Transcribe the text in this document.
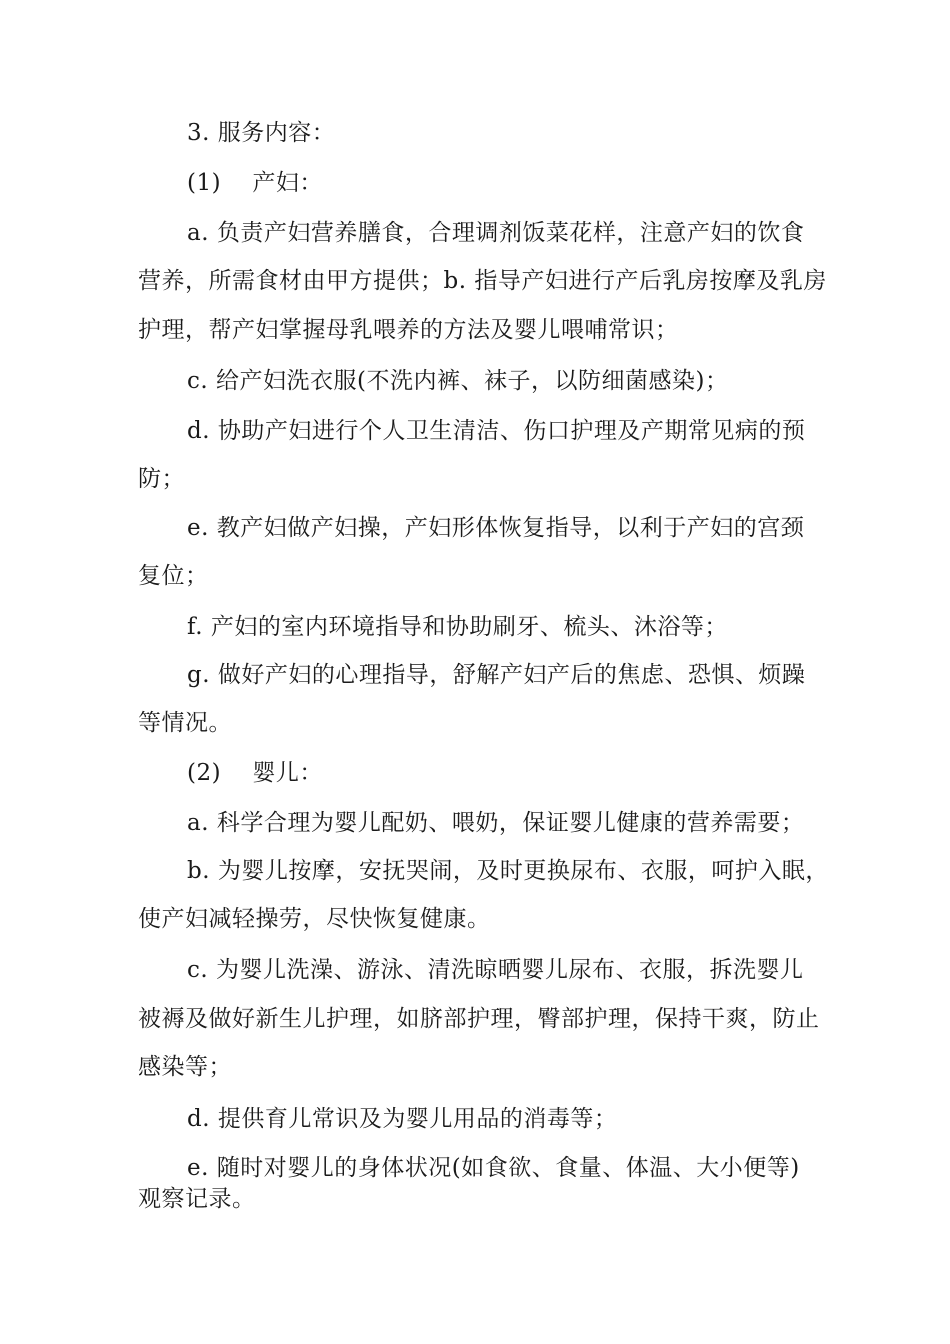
3. 服务内容：
(1)　 产妇：
a. 负责产妇营养膳食，合理调剂饭菜花样，注意产妇的饮食
营养，所需食材由甲方提供；b. 指导产妇进行产后乳房按摩及乳房
护理，帮产妇掌握母乳喂养的方法及婴儿喂哺常识；
c. 给产妇洗衣服(不洗内裤、袜子，以防细菌感染)；
d. 协助产妇进行个人卫生清洁、伤口护理及产期常见病的预
防；
e. 教产妇做产妇操，产妇形体恢复指导，以利于产妇的宫颈
复位；
f. 产妇的室内环境指导和协助刷牙、梳头、沐浴等；
g. 做好产妇的心理指导，舒解产妇产后的焦虑、恐惧、烦躁
等情况。
(2)　 婴儿：
a. 科学合理为婴儿配奶、喂奶，保证婴儿健康的营养需要；
b. 为婴儿按摩，安抚哭闹，及时更换尿布、衣服，呵护入眠，
使产妇减轻操劳，尽快恢复健康。
c. 为婴儿洗澡、游泳、清洗晾晒婴儿尿布、衣服，拆洗婴儿
被褥及做好新生儿护理，如脐部护理，臀部护理，保持干爽，防止
感染等；
d. 提供育儿常识及为婴儿用品的消毒等；
e. 随时对婴儿的身体状况(如食欲、食量、体温、大小便等)
观察记录。
